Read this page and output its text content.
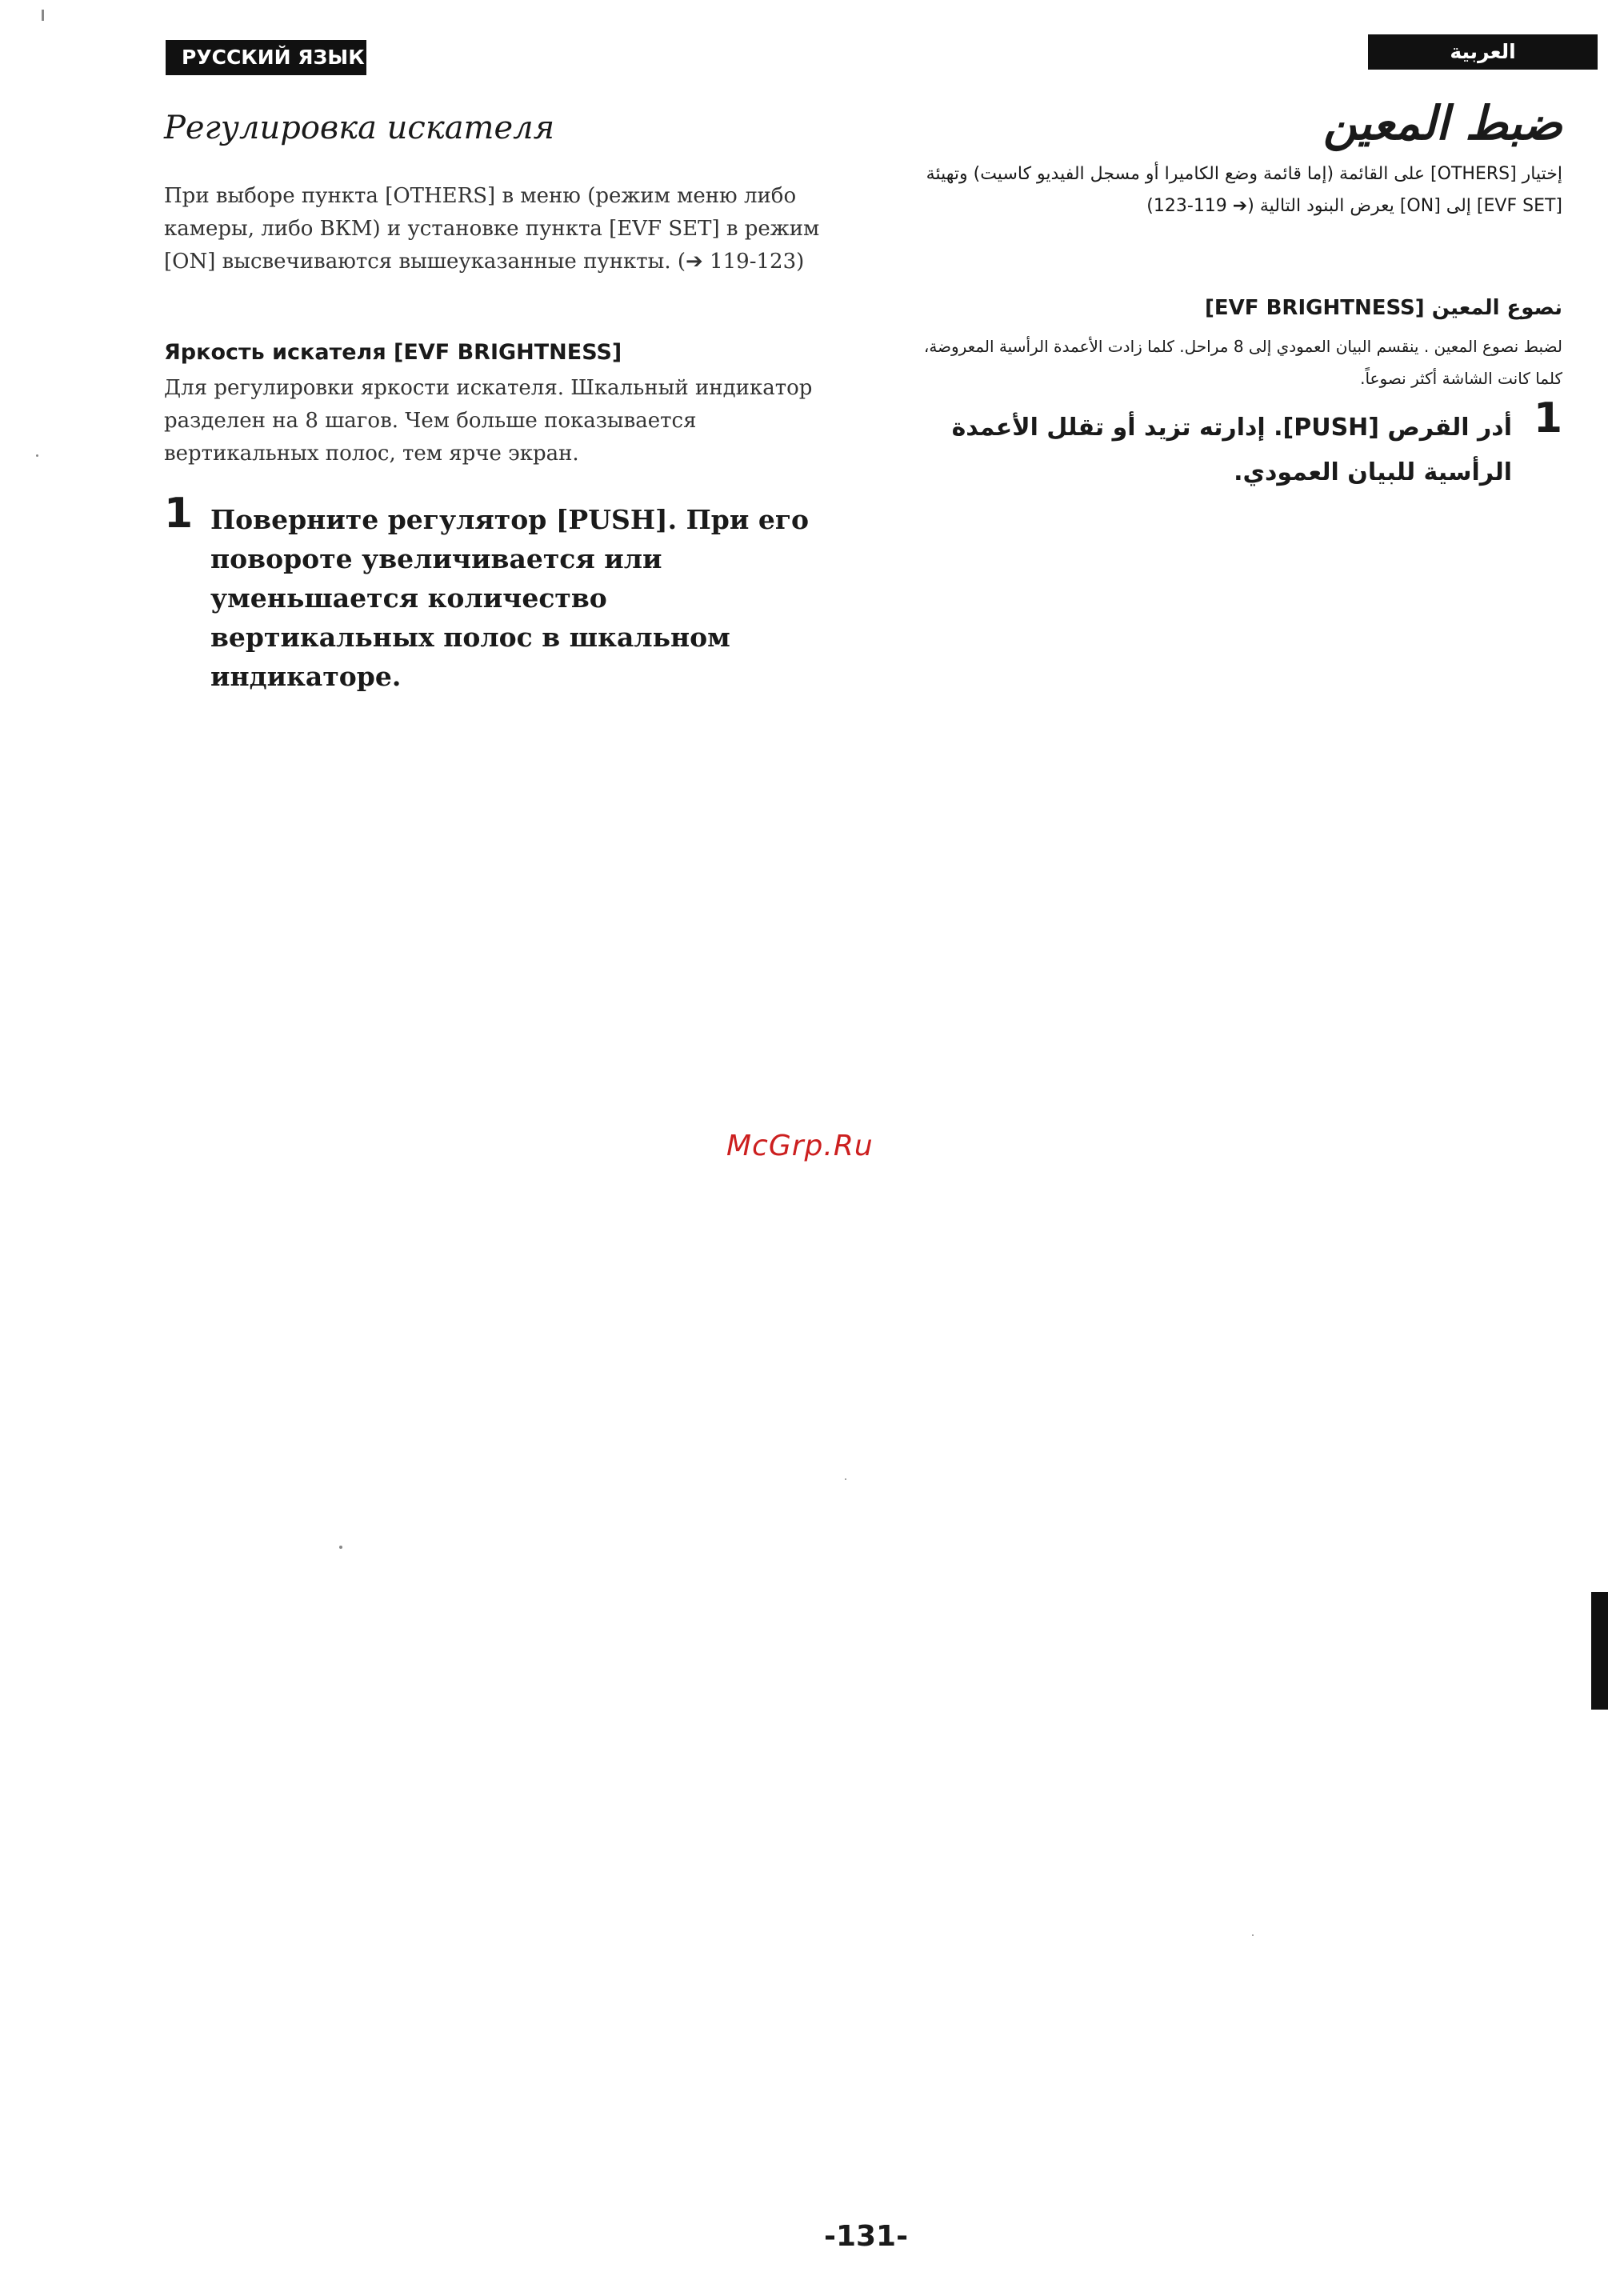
РУССКИЙ ЯЗЫК
Регулировка искателя
При выборе пункта [OTHERS] в меню (режим меню либо камеры, либо ВКМ) и установке пункта [EVF SET] в режим [ON] высвечиваются вышеуказанные пункты. (➔ 119-123)
Яркость искателя [EVF BRIGHTNESS]
Для регулировки яркости искателя. Шкальный индикатор разделен на 8 шагов. Чем больше показывается вертикальных полос, тем ярче экран.
1 Поверните регулятор [PUSH]. При его повороте увеличивается или уменьшается количество вертикальных полос в шкальном индикаторе.
العربية
ضبط المعين
إختيار [OTHERS] على القائمة (إما قائمة وضع الكاميرا أو مسجل الفيديو كاسيت) وتهيئة [EVF SET] إلى [ON] يعرض البنود التالية (➔ 119-123)
نصوع المعين [EVF BRIGHTNESS]
لضبط نصوع المعين . ينقسم البيان العمودي إلى 8 مراحل. كلما زادت الأعمدة الرأسية المعروضة، كلما كانت الشاشة أكثر نصوعاً.
1
أدر القرص [PUSH]. إدارته تزيد أو تقلل الأعمدة الرأسية للبيان العمودي.
McGrp.Ru
-131-
